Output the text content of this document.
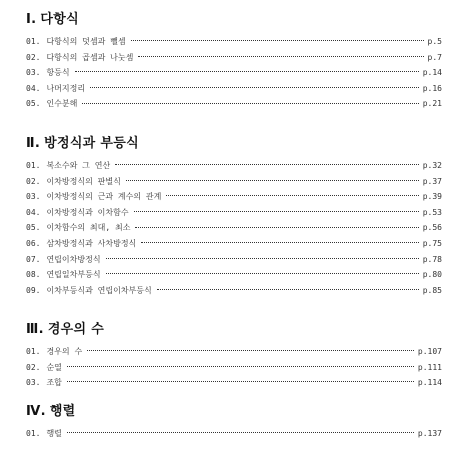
Ⅰ. 다항식
01. 다항식의 덧셈과 뺄셈	p.5
02. 다항식의 곱셈과 나눗셈	p.7
03. 항등식	p.14
04. 나머지정리	p.16
05. 인수분해	p.21
Ⅱ. 방정식과 부등식
01. 복소수와 그 연산	p.32
02. 이차방정식의 판별식	p.37
03. 이차방정식의 근과 계수의 관계	p.39
04. 이차방정식과 이차함수	p.53
05. 이차함수의 최대, 최소	p.56
06. 삼차방정식과 사차방정식	p.75
07. 연립이차방정식	p.78
08. 연립일차부등식	p.80
09. 이차부등식과 연립이차부등식	p.85
Ⅲ. 경우의 수
01. 경우의 수	p.107
02. 순열	p.111
03. 조합	p.114
Ⅳ. 행렬
01. 행렬	p.137
